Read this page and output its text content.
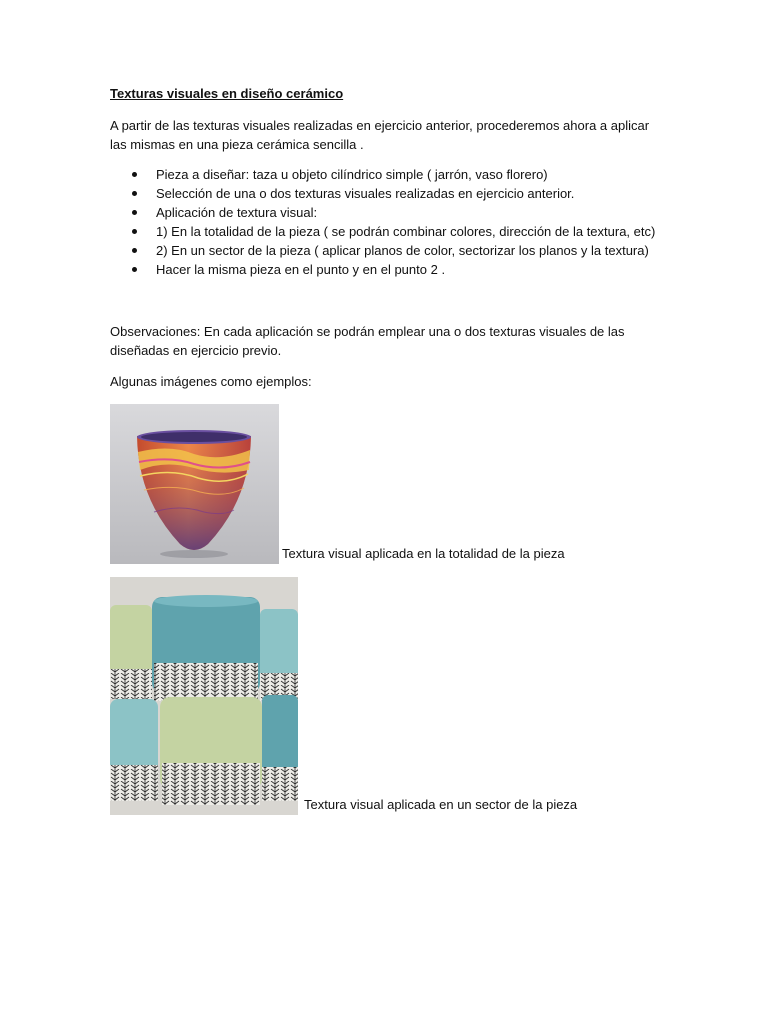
Texturas visuales en diseño cerámico
A partir de las texturas visuales realizadas en ejercicio anterior, procederemos ahora a aplicar
las mismas en una pieza cerámica sencilla .
Pieza a diseñar: taza u objeto cilíndrico simple ( jarrón, vaso florero)
Selección de una o dos texturas visuales realizadas en ejercicio anterior.
Aplicación de textura visual:
1) En la totalidad de la pieza ( se podrán combinar colores, dirección de la textura, etc)
2) En un sector de la pieza ( aplicar planos de color, sectorizar los planos y la textura)
Hacer la misma pieza en el punto y en el punto 2 .
Observaciones: En cada aplicación se podrán emplear una o dos texturas visuales de las
diseñadas en ejercicio previo.
Algunas imágenes como ejemplos:
Textura visual aplicada en la totalidad de la pieza
Textura visual aplicada en un sector de la pieza
